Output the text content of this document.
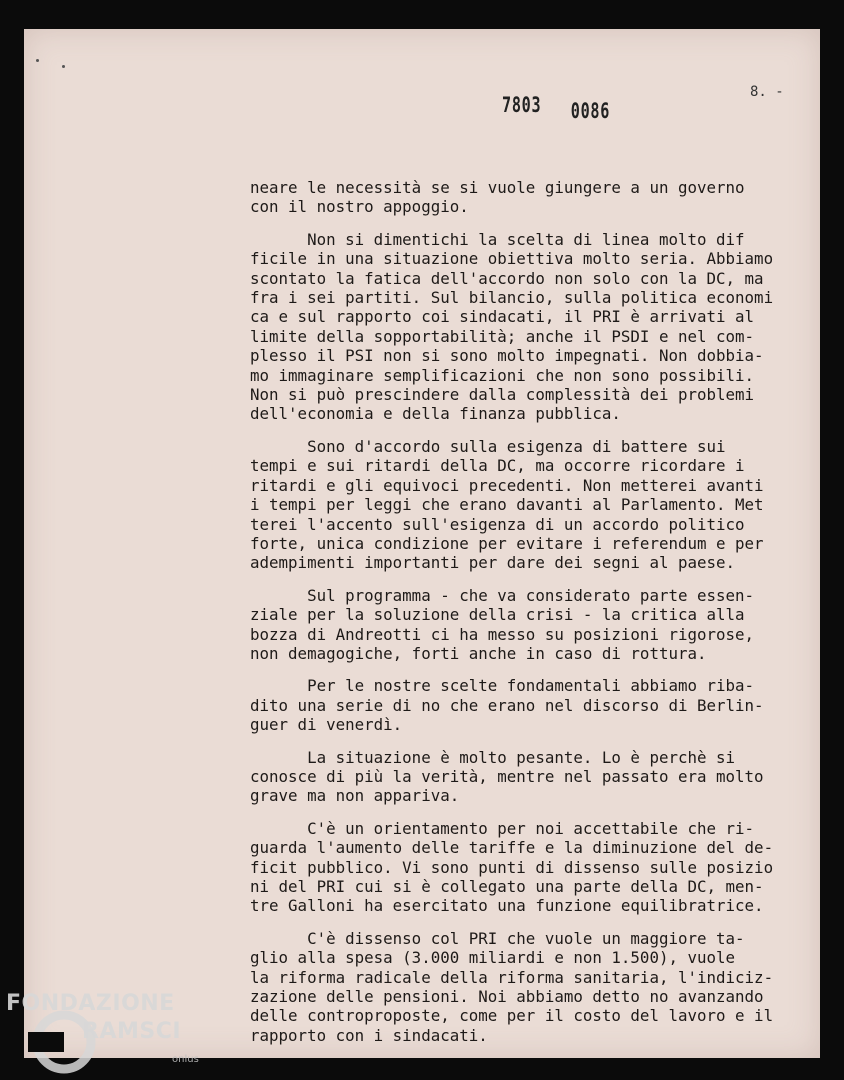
7803 0086
8. -
neare le necessità se si vuole giungere a un governo
con il nostro appoggio.
Non si dimentichi la scelta di linea molto dif
ficile in una situazione obiettiva molto seria. Abbiamo
scontato la fatica dell'accordo non solo con la DC, ma
fra i sei partiti. Sul bilancio, sulla politica economi
ca e sul rapporto coi sindacati, il PRI è arrivati al
limite della sopportabilità; anche il PSDI e nel com-
plesso il PSI non si sono molto impegnati. Non dobbia-
mo immaginare semplificazioni che non sono possibili.
Non si può prescindere dalla complessità dei problemi
dell'economia e della finanza pubblica.
Sono d'accordo sulla esigenza di battere sui
tempi e sui ritardi della DC, ma occorre ricordare i
ritardi e gli equivoci precedenti. Non metterei avanti
i tempi per leggi che erano davanti al Parlamento. Met
terei l'accento sull'esigenza di un accordo politico
forte, unica condizione per evitare i referendum e per
adempimenti importanti per dare dei segni al paese.
Sul programma - che va considerato parte essen-
ziale per la soluzione della crisi - la critica alla
bozza di Andreotti ci ha messo su posizioni rigorose,
non demagogiche, forti anche in caso di rottura.
Per le nostre scelte fondamentali abbiamo riba-
dito una serie di no che erano nel discorso di Berlin-
guer di venerdì.
La situazione è molto pesante. Lo è perchè si
conosce di più la verità, mentre nel passato era molto
grave ma non appariva.
C'è un orientamento per noi accettabile che ri-
guarda l'aumento delle tariffe e la diminuzione del de-
ficit pubblico. Vi sono punti di dissenso sulle posizio
ni del PRI cui si è collegato una parte della DC, men-
tre Galloni ha esercitato una funzione equilibratrice.
C'è dissenso col PRI che vuole un maggiore ta-
glio alla spesa (3.000 miliardi e non 1.500), vuole
la riforma radicale della riforma sanitaria, l'indiciz-
zazione delle pensioni. Noi abbiamo detto no avanzando
delle controproposte, come per il costo del lavoro e il
rapporto con i sindacati.
FONDAZIONE
RAMSCI
onlus
